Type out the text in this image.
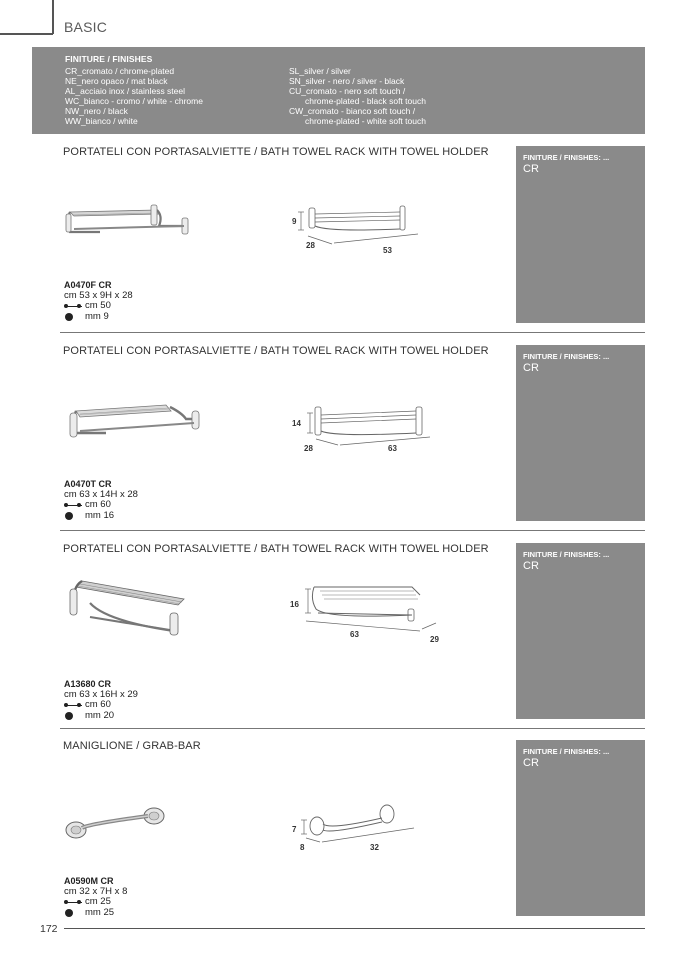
BASIC
FINITURE / FINISHES
CR_cromato / chrome-plated
NE_nero opaco / mat black
AL_acciaio inox / stainless steel
WC_bianco - cromo / white - chrome
NW_nero / black
WW_bianco / white
SL_silver / silver
SN_silver - nero / silver - black
CU_cromato - nero soft touch /
chrome-plated - black soft touch
CW_cromato - bianco soft touch /
chrome-plated - white soft touch
PORTATELI CON PORTASALVIETTE / BATH TOWEL RACK WITH TOWEL HOLDER	FINITURE / FINISHES: ...
CR
9
28
53
A0470F CR
cm 53 x 9H x 28
cm 50
mm 9
PORTATELI CON PORTASALVIETTE / BATH TOWEL RACK WITH TOWEL HOLDER	FINITURE / FINISHES: ...
CR
14
28	63
A0470T CR
cm 63 x 14H x 28
cm 60
mm 16
PORTATELI CON PORTASALVIETTE / BATH TOWEL RACK WITH TOWEL HOLDER	FINITURE / FINISHES: ...
CR
16
63
29
A13680 CR
cm 63 x 16H x 29
cm 60
mm 20
MANIGLIONE / GRAB-BAR	FINITURE / FINISHES: ...
CR
7
8	32
A0590M CR
cm 32 x 7H x 8
cm 25
mm 25
172
